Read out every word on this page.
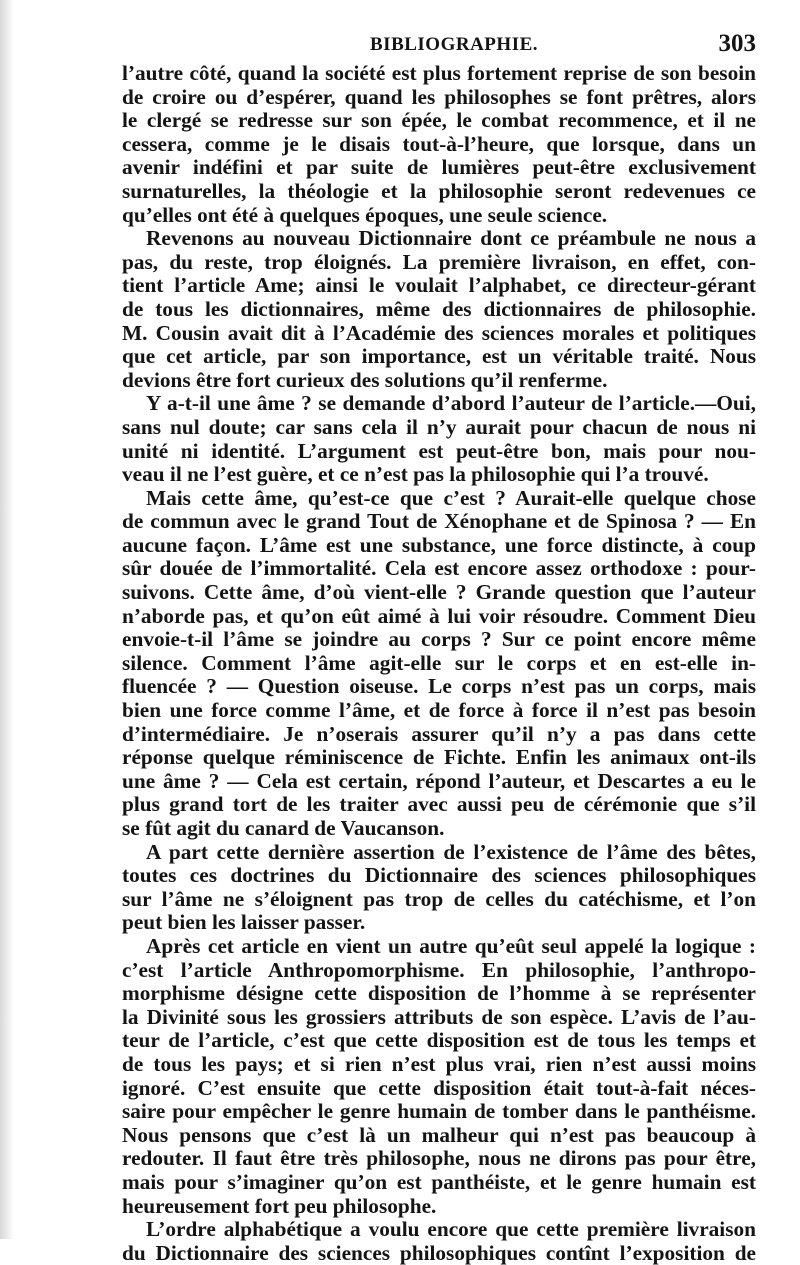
BIBLIOGRAPHIE.	303
l’autre côté, quand la société est plus fortement reprise de son besoin
de croire ou d’espérer, quand les philosophes se font prêtres, alors
le clergé se redresse sur son épée, le combat recommence, et il ne
cessera, comme je le disais tout-à-l’heure, que lorsque, dans un
avenir indéfini et par suite de lumières peut-être exclusivement
surnaturelles, la théologie et la philosophie seront redevenues ce
qu’elles ont été à quelques époques, une seule science.
Revenons au nouveau Dictionnaire dont ce préambule ne nous a
pas, du reste, trop éloignés. La première livraison, en effet, con-
tient l’article Ame; ainsi le voulait l’alphabet, ce directeur-gérant
de tous les dictionnaires, même des dictionnaires de philosophie.
M. Cousin avait dit à l’Académie des sciences morales et politiques
que cet article, par son importance, est un véritable traité. Nous
devions être fort curieux des solutions qu’il renferme.
Y a-t-il une âme ? se demande d’abord l’auteur de l’article.—Oui,
sans nul doute; car sans cela il n’y aurait pour chacun de nous ni
unité ni identité. L’argument est peut-être bon, mais pour nou-
veau il ne l’est guère, et ce n’est pas la philosophie qui l’a trouvé.
Mais cette âme, qu’est-ce que c’est ? Aurait-elle quelque chose
de commun avec le grand Tout de Xénophane et de Spinosa ? — En
aucune façon. L’âme est une substance, une force distincte, à coup
sûr douée de l’immortalité. Cela est encore assez orthodoxe : pour-
suivons. Cette âme, d’où vient-elle ? Grande question que l’auteur
n’aborde pas, et qu’on eût aimé à lui voir résoudre. Comment Dieu
envoie-t-il l’âme se joindre au corps ? Sur ce point encore même
silence. Comment l’âme agit-elle sur le corps et en est-elle in-
fluencée ? — Question oiseuse. Le corps n’est pas un corps, mais
bien une force comme l’âme, et de force à force il n’est pas besoin
d’intermédiaire. Je n’oserais assurer qu’il n’y a pas dans cette
réponse quelque réminiscence de Fichte. Enfin les animaux ont-ils
une âme ? — Cela est certain, répond l’auteur, et Descartes a eu le
plus grand tort de les traiter avec aussi peu de cérémonie que s’il
se fût agit du canard de Vaucanson.
A part cette dernière assertion de l’existence de l’âme des bêtes,
toutes ces doctrines du Dictionnaire des sciences philosophiques
sur l’âme ne s’éloignent pas trop de celles du catéchisme, et l’on
peut bien les laisser passer.
Après cet article en vient un autre qu’eût seul appelé la logique :
c’est l’article Anthropomorphisme. En philosophie, l’anthropo-
morphisme désigne cette disposition de l’homme à se représenter
la Divinité sous les grossiers attributs de son espèce. L’avis de l’au-
teur de l’article, c’est que cette disposition est de tous les temps et
de tous les pays; et si rien n’est plus vrai, rien n’est aussi moins
ignoré. C’est ensuite que cette disposition était tout-à-fait néces-
saire pour empêcher le genre humain de tomber dans le panthéisme.
Nous pensons que c’est là un malheur qui n’est pas beaucoup à
redouter. Il faut être très philosophe, nous ne dirons pas pour être,
mais pour s’imaginer qu’on est panthéiste, et le genre humain est
heureusement fort peu philosophe.
L’ordre alphabétique a voulu encore que cette première livraison
du Dictionnaire des sciences philosophiques contînt l’exposition de
